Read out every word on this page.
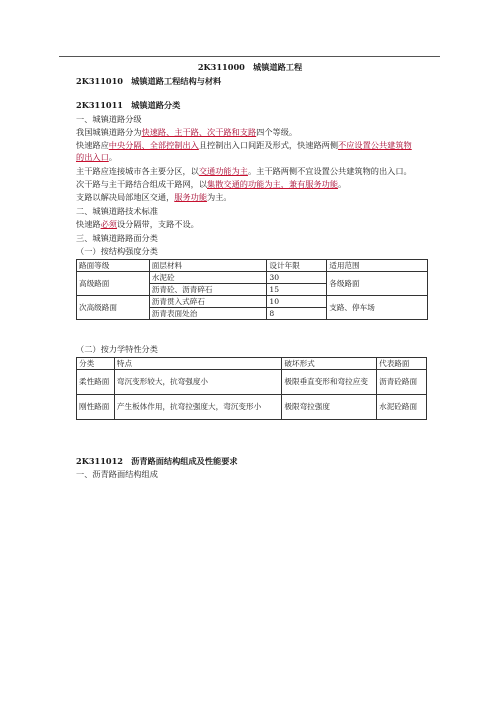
2K311000　城镇道路工程
2K311010　城镇道路工程结构与材料
2K311011　城镇道路分类
一、城镇道路分级
我国城镇道路分为快速路、主干路、次干路和支路四个等级。
快速路应中央分隔、全部控制出入且控制出入口间距及形式，快速路两侧不应设置公共建筑物
的出入口。
主干路应连接城市各主要分区，以交通功能为主。主干路两侧不宜设置公共建筑物的出入口。
次干路与主干路结合组成干路网，以集散交通的功能为主，兼有服务功能。
支路以解决局部地区交通，服务功能为主。
二、城镇道路技术标准
快速路必须设分隔带，支路不设。
三、城镇道路路面分类
（一）按结构强度分类
路面等级	面层材料	设计年限	适用范围
高级路面	水泥砼	30	各级路面
	沥青砼、沥青碎石	15	
次高级路面	沥青贯入式碎石	10	支路、停车场
	沥青表面处治	8	
（二）按力学特性分类
分类	特点	破坏形式	代表路面
柔性路面	弯沉变形较大，抗弯强度小	极限垂直变形和弯拉应变	沥青砼路面
刚性路面	产生板体作用，抗弯拉强度大，弯沉变形小	极限弯拉强度	水泥砼路面
2K311012　沥青路面结构组成及性能要求
一、沥青路面结构组成
